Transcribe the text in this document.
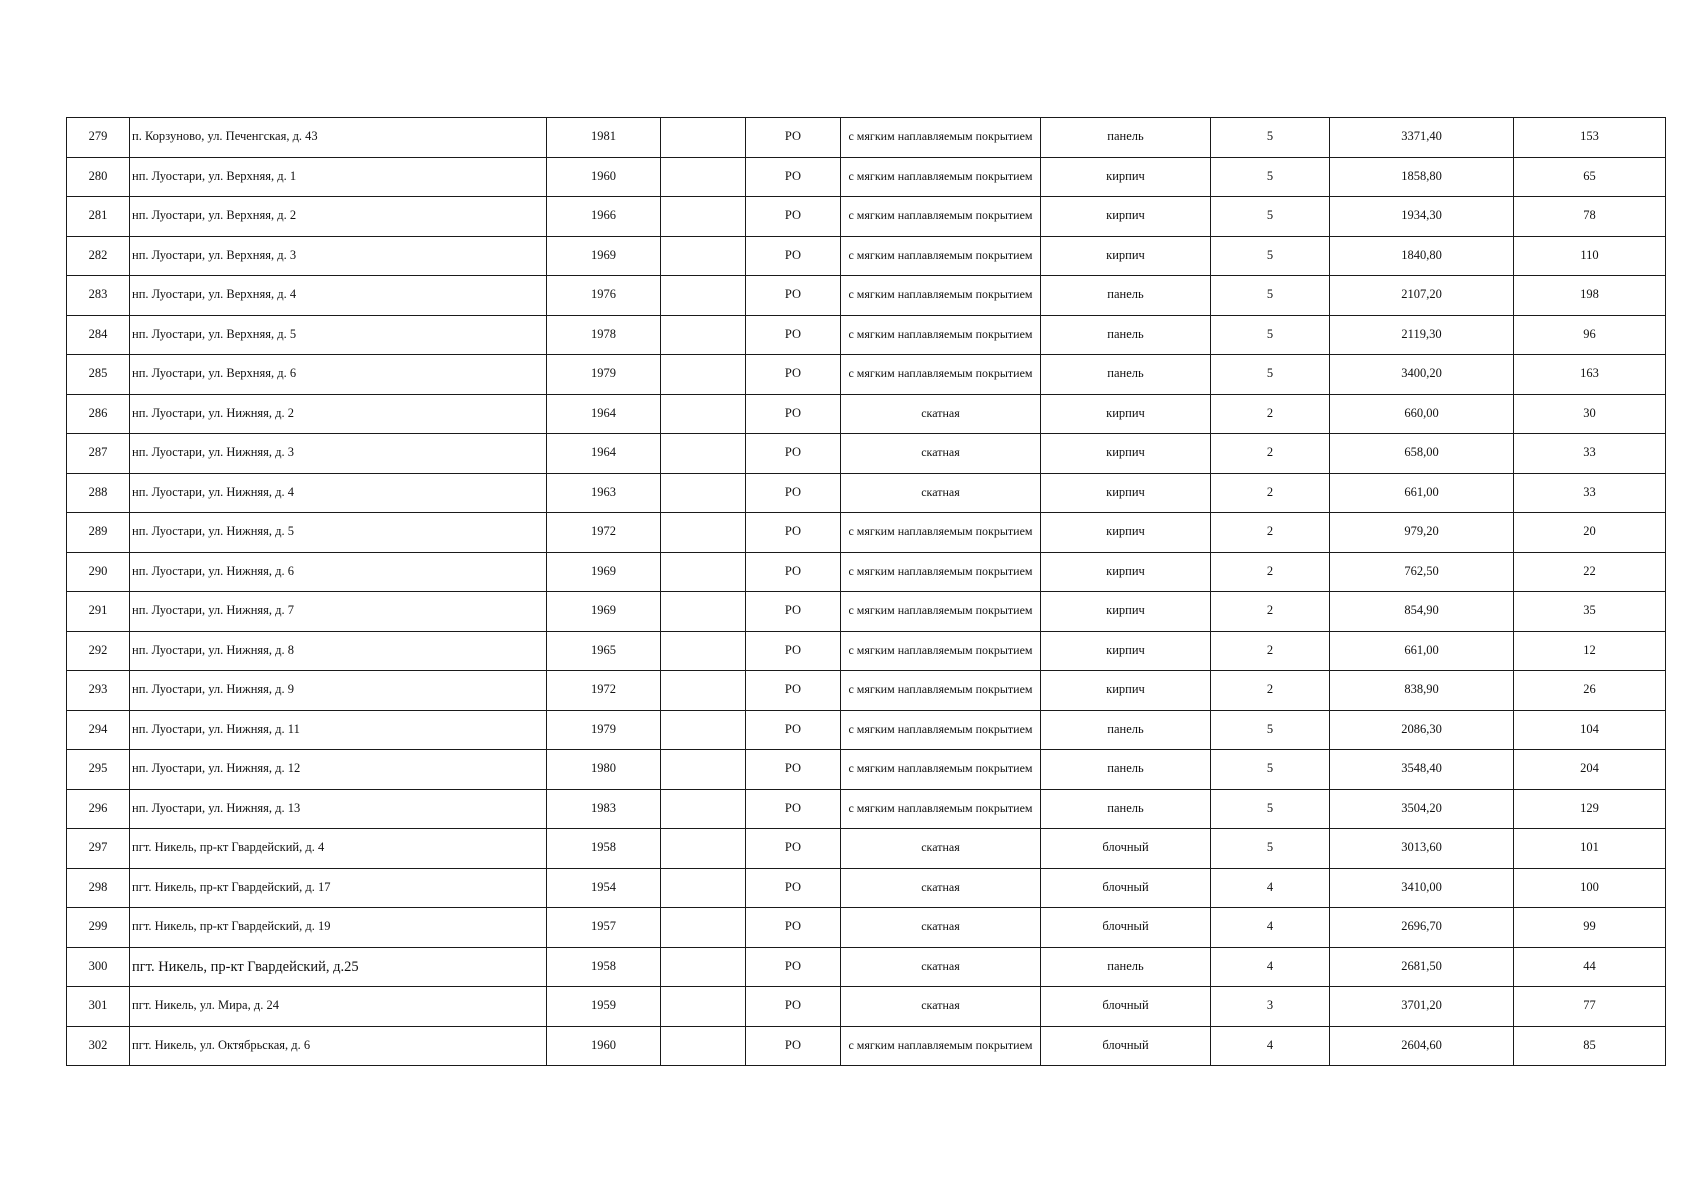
279	п. Корзуново, ул. Печенгская, д. 43	1981		РО	с мягким наплавляемым покрытием	панель	5	3371,40	153
280	нп. Луостари, ул. Верхняя, д. 1	1960		РО	с мягким наплавляемым покрытием	кирпич	5	1858,80	65
281	нп. Луостари, ул. Верхняя, д. 2	1966		РО	с мягким наплавляемым покрытием	кирпич	5	1934,30	78
282	нп. Луостари, ул. Верхняя, д. 3	1969		РО	с мягким наплавляемым покрытием	кирпич	5	1840,80	110
283	нп. Луостари, ул. Верхняя, д. 4	1976		РО	с мягким наплавляемым покрытием	панель	5	2107,20	198
284	нп. Луостари, ул. Верхняя, д. 5	1978		РО	с мягким наплавляемым покрытием	панель	5	2119,30	96
285	нп. Луостари, ул. Верхняя, д. 6	1979		РО	с мягким наплавляемым покрытием	панель	5	3400,20	163
286	нп. Луостари, ул. Нижняя, д. 2	1964		РО	скатная	кирпич	2	660,00	30
287	нп. Луостари, ул. Нижняя, д. 3	1964		РО	скатная	кирпич	2	658,00	33
288	нп. Луостари, ул. Нижняя, д. 4	1963		РО	скатная	кирпич	2	661,00	33
289	нп. Луостари, ул. Нижняя, д. 5	1972		РО	с мягким наплавляемым покрытием	кирпич	2	979,20	20
290	нп. Луостари, ул. Нижняя, д. 6	1969		РО	с мягким наплавляемым покрытием	кирпич	2	762,50	22
291	нп. Луостари, ул. Нижняя, д. 7	1969		РО	с мягким наплавляемым покрытием	кирпич	2	854,90	35
292	нп. Луостари, ул. Нижняя, д. 8	1965		РО	с мягким наплавляемым покрытием	кирпич	2	661,00	12
293	нп. Луостари, ул. Нижняя, д. 9	1972		РО	с мягким наплавляемым покрытием	кирпич	2	838,90	26
294	нп. Луостари, ул. Нижняя, д. 11	1979		РО	с мягким наплавляемым покрытием	панель	5	2086,30	104
295	нп. Луостари, ул. Нижняя, д. 12	1980		РО	с мягким наплавляемым покрытием	панель	5	3548,40	204
296	нп. Луостари, ул. Нижняя, д. 13	1983		РО	с мягким наплавляемым покрытием	панель	5	3504,20	129
297	пгт. Никель, пр-кт Гвардейский, д. 4	1958		РО	скатная	блочный	5	3013,60	101
298	пгт. Никель, пр-кт Гвардейский, д. 17	1954		РО	скатная	блочный	4	3410,00	100
299	пгт. Никель, пр-кт Гвардейский, д. 19	1957		РО	скатная	блочный	4	2696,70	99
300	пгт. Никель, пр-кт Гвардейский, д.25	1958		РО	скатная	панель	4	2681,50	44
301	пгт. Никель, ул. Мира, д. 24	1959		РО	скатная	блочный	3	3701,20	77
302	пгт. Никель, ул. Октябрьская, д. 6	1960		РО	с мягким наплавляемым покрытием	блочный	4	2604,60	85
